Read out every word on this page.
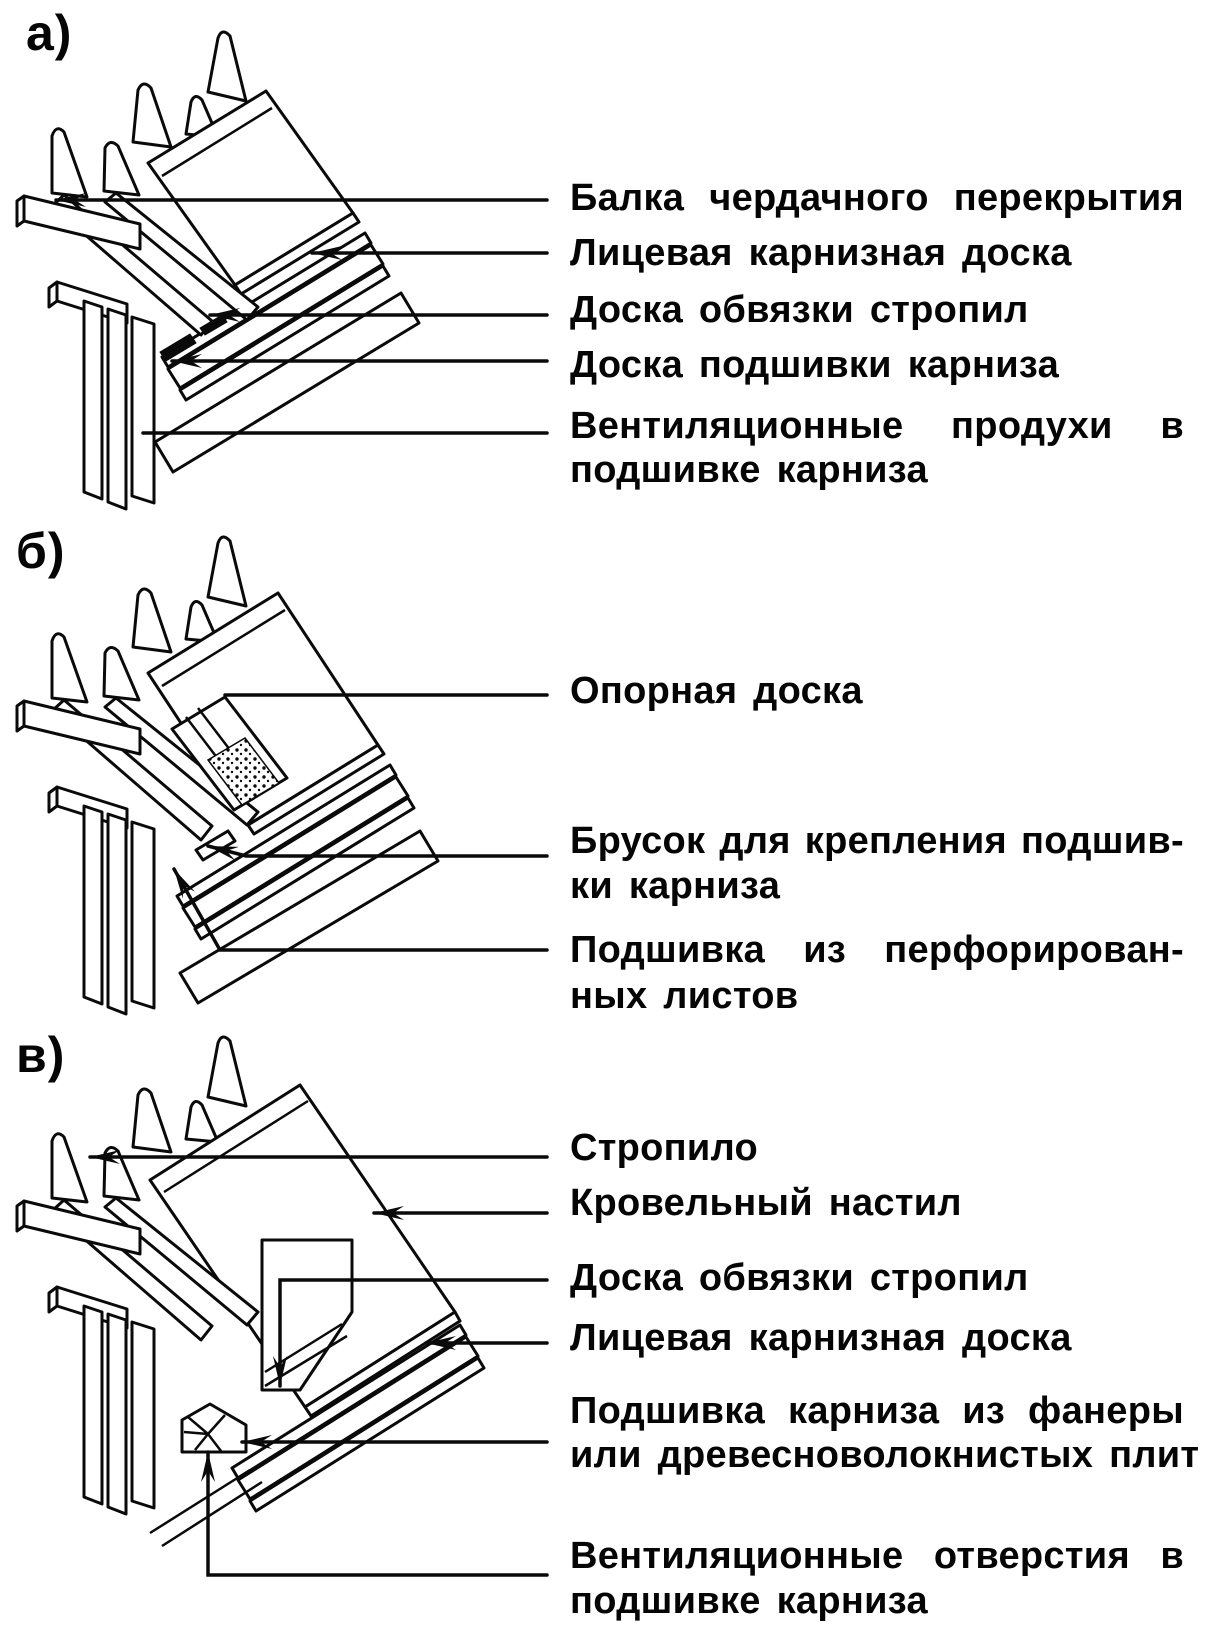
а)
б)
в)
Балка чердачного перекрытия
Лицевая карнизная доска
Доска обвязки стропил
Доска подшивки карниза
Вентиляционные продухи в
подшивке карниза
Опорная доска
Брусок для крепления подшив-
ки карниза
Подшивка из перфорирован-
ных листов
Стропило
Кровельный настил
Доска обвязки стропил
Лицевая карнизная доска
Подшивка карниза из фанеры
или древесноволокнистых плит
Вентиляционные отверстия в
подшивке карниза
